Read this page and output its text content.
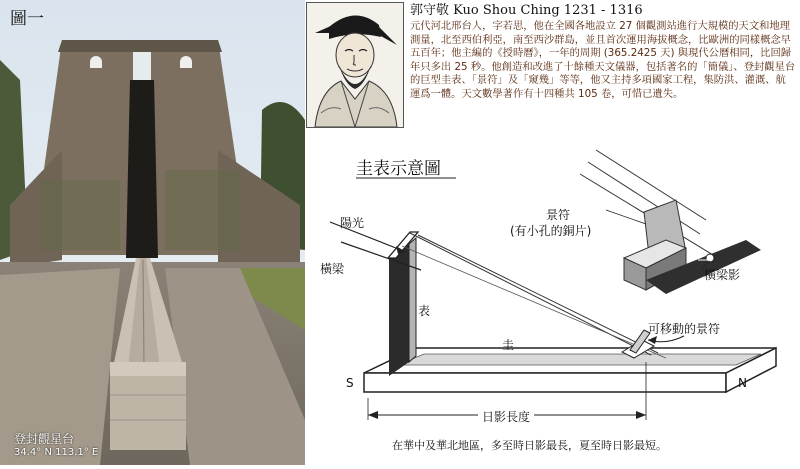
圖一
登封觀星台
34.4° N 113.1° E

郭守敬 Kuo Shou Ching 1231 - 1316

元代河北邢台人，字若思，他在全國各地設立 27 個觀測站進行大規模的天文和地理測量，北至西伯利亞，南至西沙群島，並且首次運用海拔概念，比歐洲的同樣概念早五百年；他主編的《授時曆》，一年的周期 (365.2425 天) 與現代公曆相同，比回歸年只多出 25 秒。他創造和改進了十餘種天文儀器，包括著名的「簡儀」、登封觀星台的巨型圭表、「景符」及「窺幾」等等，他又主持多項國家工程，集防洪、灌溉、航運爲一體。天文數學著作有十四種共 105 卷，可惜已遺失。

圭表示意圖
陽光
橫梁
表
圭
景符
(有小孔的銅片)
橫梁影
可移動的景符
S	N
日影長度
在華中及華北地區，多至時日影最長，夏至時日影最短。
